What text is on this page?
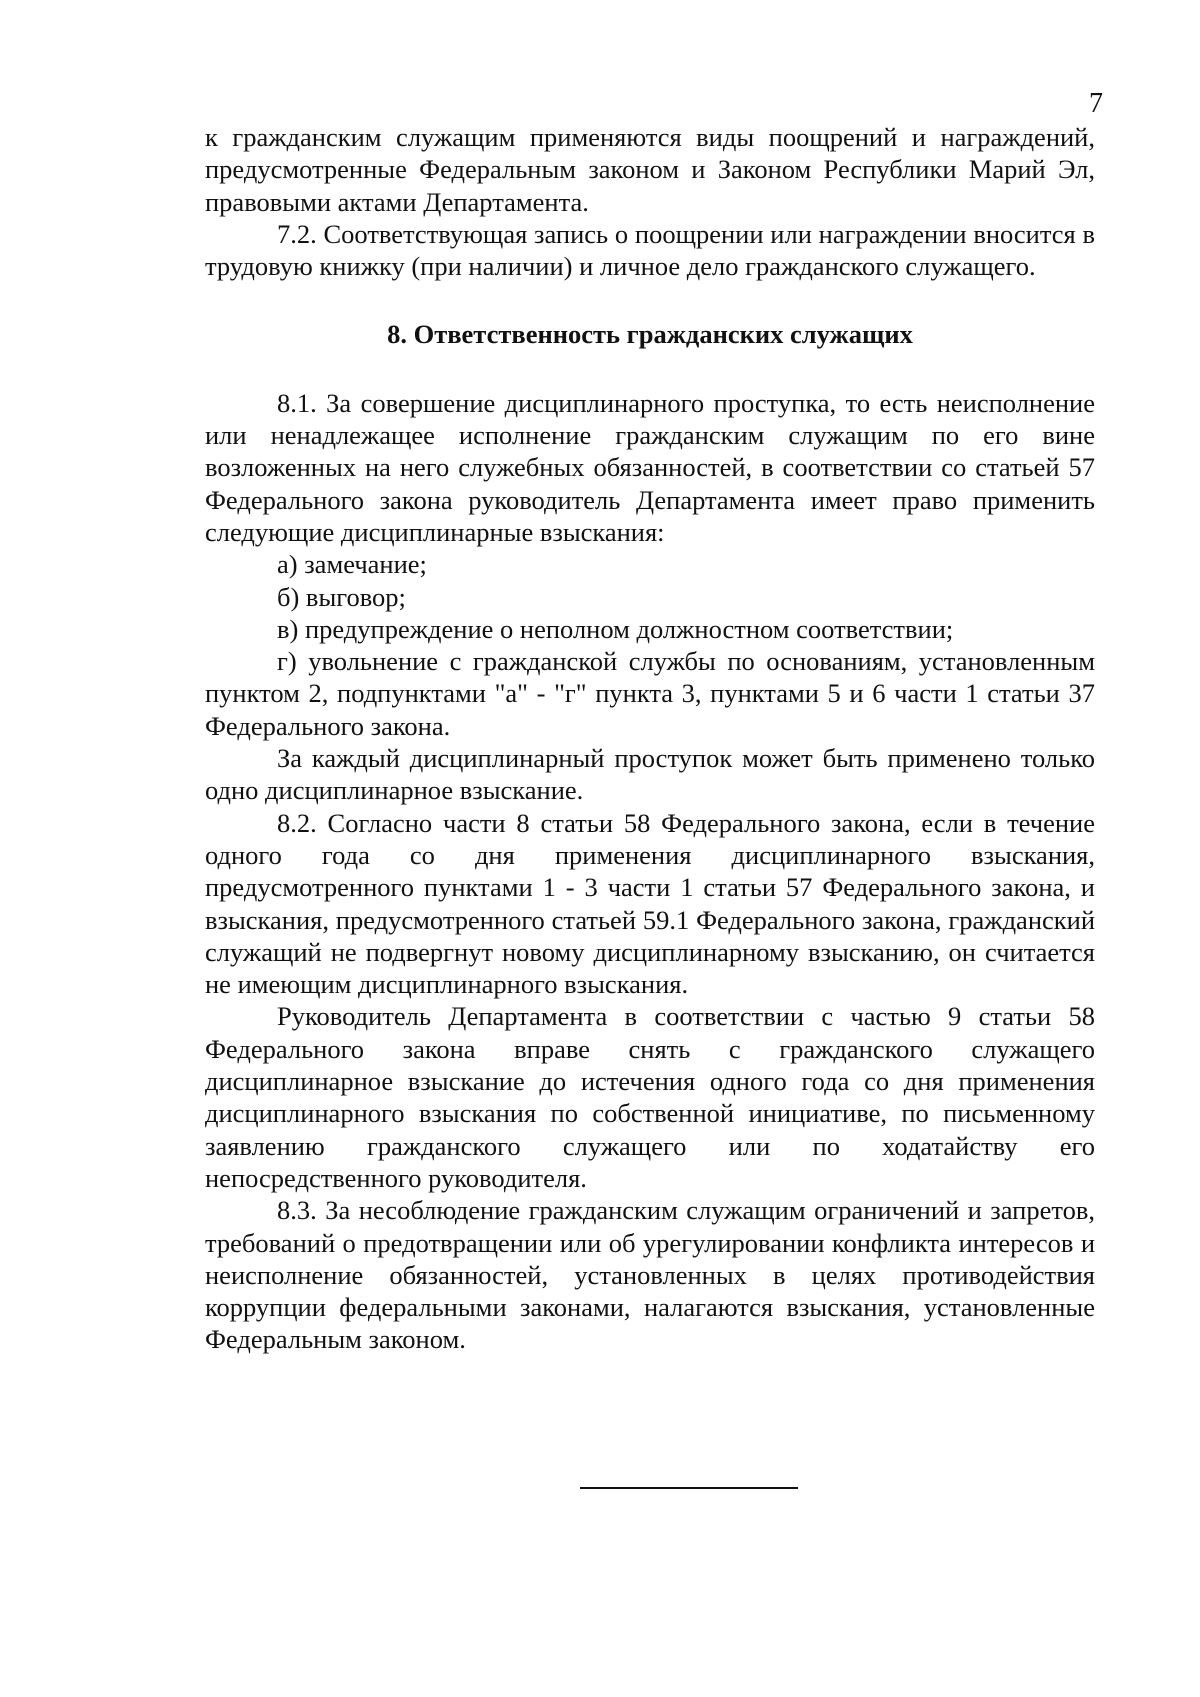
7

к гражданским служащим применяются виды поощрений и награждений, предусмотренные Федеральным законом и Законом Республики Марий Эл, правовыми актами Департамента.

7.2. Соответствующая запись о поощрении или награждении вносится в трудовую книжку (при наличии) и личное дело гражданского служащего.

8. Ответственность гражданских служащих

8.1. За совершение дисциплинарного проступка, то есть неисполнение или ненадлежащее исполнение гражданским служащим по его вине возложенных на него служебных обязанностей, в соответствии со статьей 57 Федерального закона руководитель Департамента имеет право применить следующие дисциплинарные взыскания:

а) замечание;

б) выговор;

в) предупреждение о неполном должностном соответствии;

г) увольнение с гражданской службы по основаниям, установленным пунктом 2, подпунктами "а" - "г" пункта 3, пунктами 5 и 6 части 1 статьи 37 Федерального закона.

За каждый дисциплинарный проступок может быть применено только одно дисциплинарное взыскание.

8.2. Согласно части 8 статьи 58 Федерального закона, если в течение одного года со дня применения дисциплинарного взыскания, предусмотренного пунктами 1 - 3 части 1 статьи 57 Федерального закона, и взыскания, предусмотренного статьей 59.1 Федерального закона, гражданский служащий не подвергнут новому дисциплинарному взысканию, он считается не имеющим дисциплинарного взыскания.

Руководитель Департамента в соответствии с частью 9 статьи 58 Федерального закона вправе снять с гражданского служащего дисциплинарное взыскание до истечения одного года со дня применения дисциплинарного взыскания по собственной инициативе, по письменному заявлению гражданского служащего или по ходатайству его непосредственного руководителя.

8.3. За несоблюдение гражданским служащим ограничений и запретов, требований о предотвращении или об урегулировании конфликта интересов и неисполнение обязанностей, установленных в целях противодействия коррупции федеральными законами, налагаются взыскания, установленные Федеральным законом.
